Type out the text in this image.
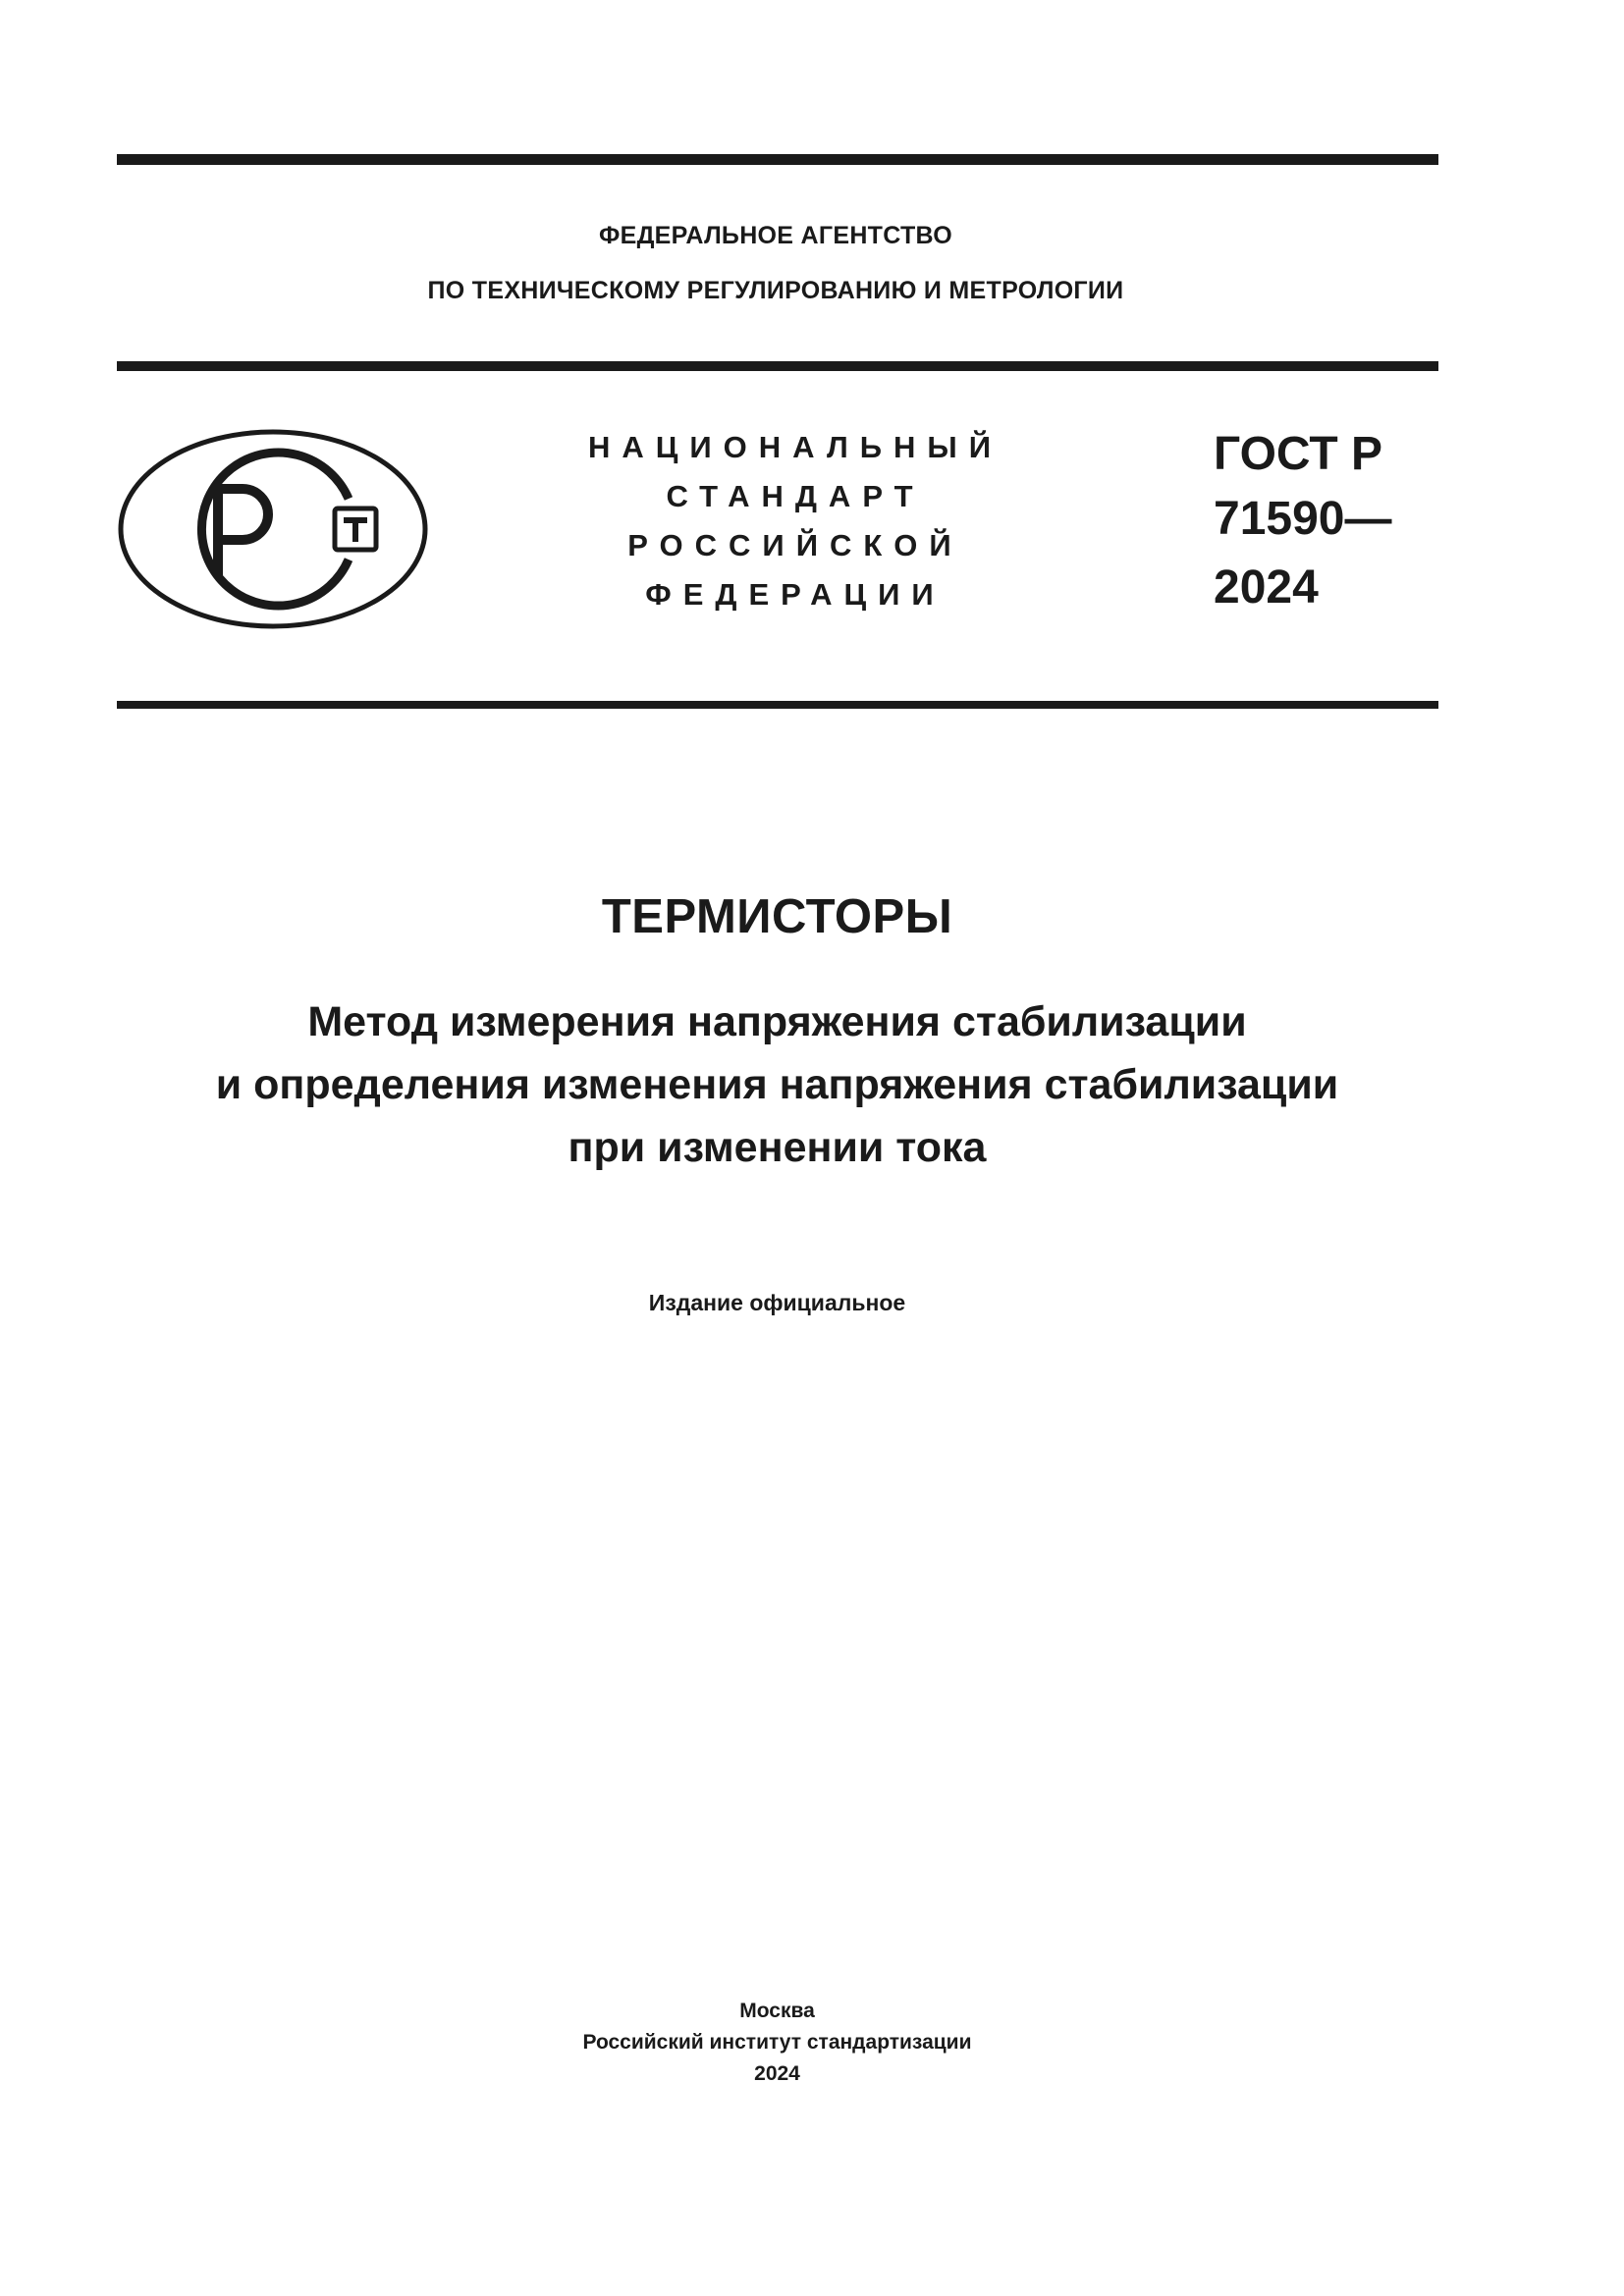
ФЕДЕРАЛЬНОЕ АГЕНТСТВО
ПО ТЕХНИЧЕСКОМУ РЕГУЛИРОВАНИЮ И МЕТРОЛОГИИ
НАЦИОНАЛЬНЫЙ
СТАНДАРТ
РОССИЙСКОЙ
ФЕДЕРАЦИИ
ГОСТ Р
71590—
2024
ТЕРМИСТОРЫ
Метод измерения напряжения стабилизации
и определения изменения напряжения стабилизации
при изменении тока
Издание официальное
Москва
Российский институт стандартизации
2024
